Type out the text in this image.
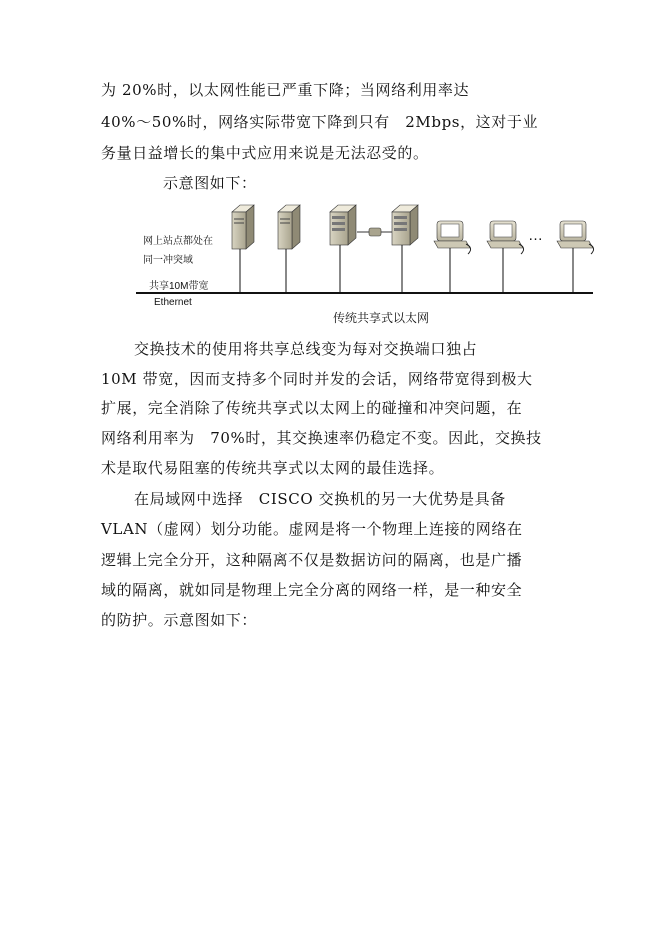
为 20%时，以太网性能已严重下降；当网络利用率达
40%～50%时，网络实际带宽下降到只有　2Mbps，这对于业
务量日益增长的集中式应用来说是无法忍受的。
示意图如下：
网上站点都处在
同一冲突域
共享10M带宽
Ethernet
…
传统共享式以太网
交换技术的使用将共享总线变为每对交换端口独占
10M 带宽，因而支持多个同时并发的会话，网络带宽得到极大
扩展，完全消除了传统共享式以太网上的碰撞和冲突问题，在
网络利用率为　70%时，其交换速率仍稳定不变。因此，交换技
术是取代易阻塞的传统共享式以太网的最佳选择。
在局域网中选择　CISCO 交换机的另一大优势是具备
VLAN（虚网）划分功能。虚网是将一个物理上连接的网络在
逻辑上完全分开，这种隔离不仅是数据访问的隔离，也是广播
域的隔离，就如同是物理上完全分离的网络一样，是一种安全
的防护。示意图如下：
